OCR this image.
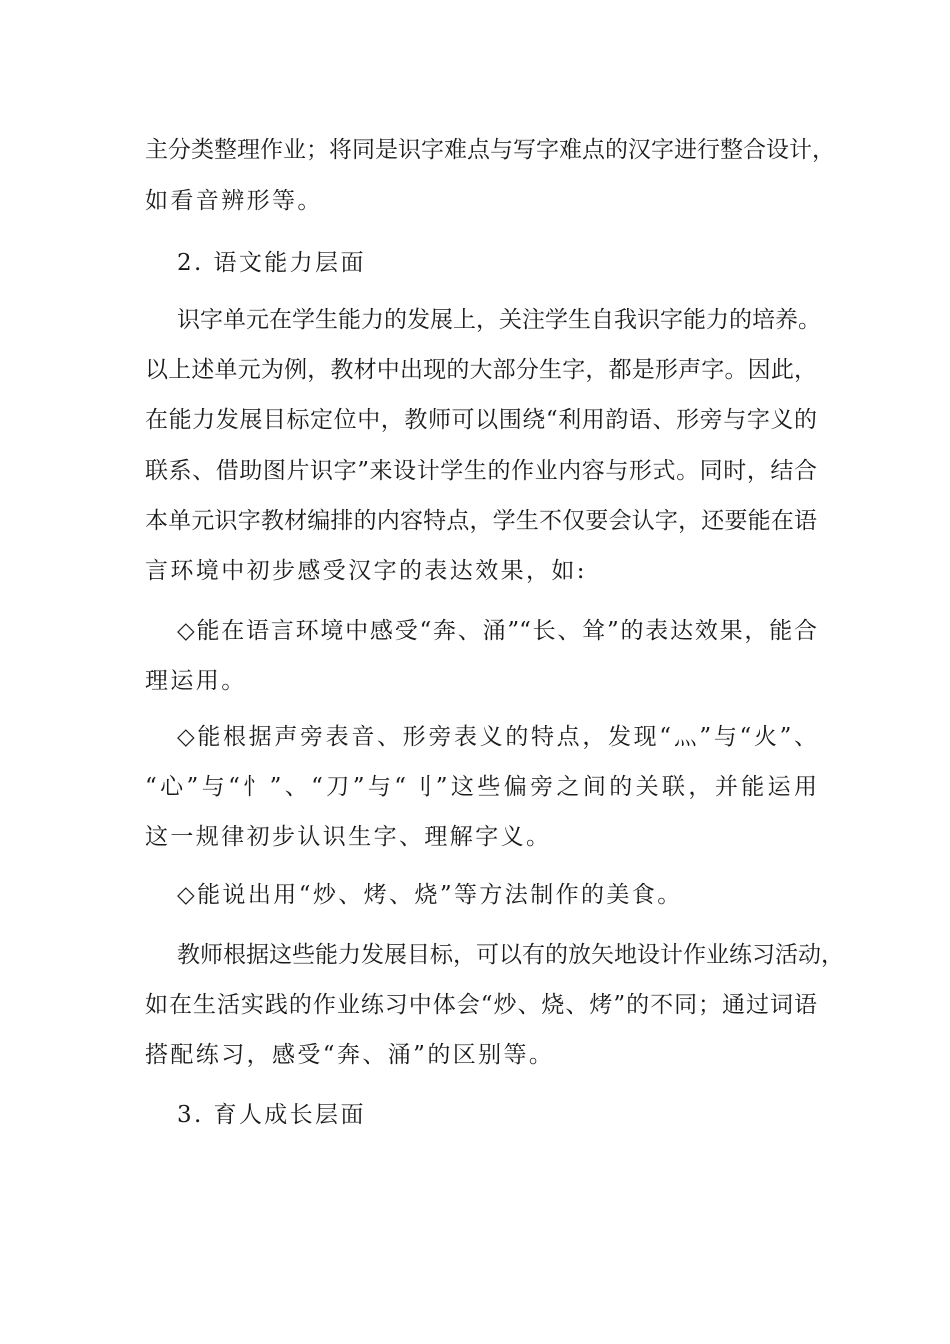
主分类整理作业；将同是识字难点与写字难点的汉字进行整合设计，
如看音辨形等。
2. 语文能力层面
识字单元在学生能力的发展上，关注学生自我识字能力的培养。
以上述单元为例，教材中出现的大部分生字，都是形声字。因此，
在能力发展目标定位中，教师可以围绕“利用韵语、形旁与字义的
联系、借助图片识字”来设计学生的作业内容与形式。同时，结合
本单元识字教材编排的内容特点，学生不仅要会认字，还要能在语
言环境中初步感受汉字的表达效果，如:
◇能在语言环境中感受“奔、涌”“长、耸”的表达效果，能合
理运用。
◇能根据声旁表音、形旁表义的特点，发现“灬”与“火”、
“心”与“忄”、“刀”与“刂”这些偏旁之间的关联，并能运用
这一规律初步认识生字、理解字义。
◇能说出用“炒、烤、烧”等方法制作的美食。
教师根据这些能力发展目标，可以有的放矢地设计作业练习活动，
如在生活实践的作业练习中体会“炒、烧、烤”的不同；通过词语
搭配练习，感受“奔、涌”的区别等。
3. 育人成长层面
